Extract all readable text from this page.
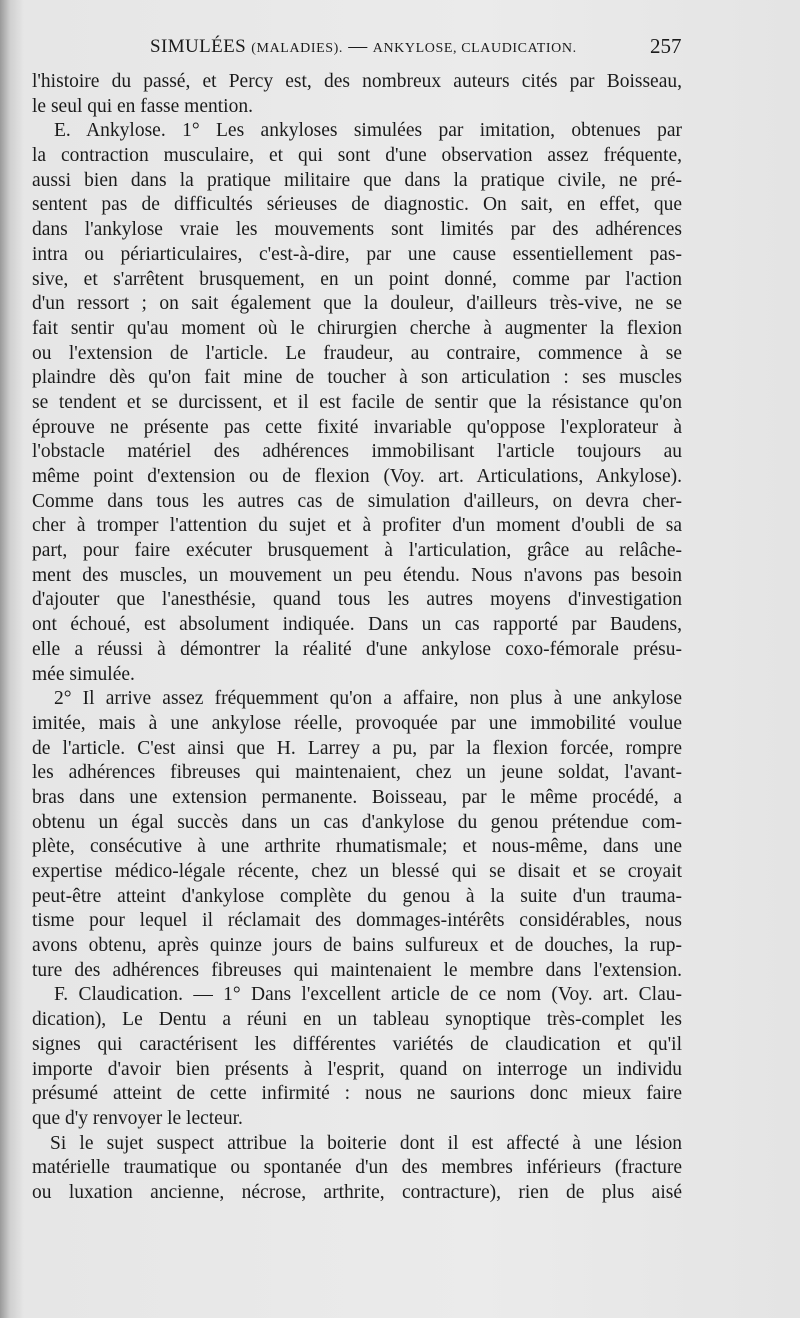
SIMULÉES (MALADIES). — ANKYLOSE, CLAUDICATION.	257
l'histoire du passé, et Percy est, des nombreux auteurs cités par Boisseau,
le seul qui en fasse mention.
E. Ankylose. 1° Les ankyloses simulées par imitation, obtenues par
la contraction musculaire, et qui sont d'une observation assez fréquente,
aussi bien dans la pratique militaire que dans la pratique civile, ne pré-
sentent pas de difficultés sérieuses de diagnostic. On sait, en effet, que
dans l'ankylose vraie les mouvements sont limités par des adhérences
intra ou périarticulaires, c'est-à-dire, par une cause essentiellement pas-
sive, et s'arrêtent brusquement, en un point donné, comme par l'action
d'un ressort ; on sait également que la douleur, d'ailleurs très-vive, ne se
fait sentir qu'au moment où le chirurgien cherche à augmenter la flexion
ou l'extension de l'article. Le fraudeur, au contraire, commence à se
plaindre dès qu'on fait mine de toucher à son articulation : ses muscles
se tendent et se durcissent, et il est facile de sentir que la résistance qu'on
éprouve ne présente pas cette fixité invariable qu'oppose l'explorateur à
l'obstacle matériel des adhérences immobilisant l'article toujours au
même point d'extension ou de flexion (Voy. art. Articulations, Ankylose).
Comme dans tous les autres cas de simulation d'ailleurs, on devra cher-
cher à tromper l'attention du sujet et à profiter d'un moment d'oubli de sa
part, pour faire exécuter brusquement à l'articulation, grâce au relâche-
ment des muscles, un mouvement un peu étendu. Nous n'avons pas besoin
d'ajouter que l'anesthésie, quand tous les autres moyens d'investigation
ont échoué, est absolument indiquée. Dans un cas rapporté par Baudens,
elle a réussi à démontrer la réalité d'une ankylose coxo-fémorale présu-
mée simulée.
2° Il arrive assez fréquemment qu'on a affaire, non plus à une ankylose
imitée, mais à une ankylose réelle, provoquée par une immobilité voulue
de l'article. C'est ainsi que H. Larrey a pu, par la flexion forcée, rompre
les adhérences fibreuses qui maintenaient, chez un jeune soldat, l'avant-
bras dans une extension permanente. Boisseau, par le même procédé, a
obtenu un égal succès dans un cas d'ankylose du genou prétendue com-
plète, consécutive à une arthrite rhumatismale; et nous-même, dans une
expertise médico-légale récente, chez un blessé qui se disait et se croyait
peut-être atteint d'ankylose complète du genou à la suite d'un trauma-
tisme pour lequel il réclamait des dommages-intérêts considérables, nous
avons obtenu, après quinze jours de bains sulfureux et de douches, la rup-
ture des adhérences fibreuses qui maintenaient le membre dans l'extension.
F. Claudication. — 1° Dans l'excellent article de ce nom (Voy. art. Clau-
dication), Le Dentu a réuni en un tableau synoptique très-complet les
signes qui caractérisent les différentes variétés de claudication et qu'il
importe d'avoir bien présents à l'esprit, quand on interroge un individu
présumé atteint de cette infirmité : nous ne saurions donc mieux faire
que d'y renvoyer le lecteur.
Si le sujet suspect attribue la boiterie dont il est affecté à une lésion
matérielle traumatique ou spontanée d'un des membres inférieurs (fracture
ou luxation ancienne, nécrose, arthrite, contracture), rien de plus aisé
